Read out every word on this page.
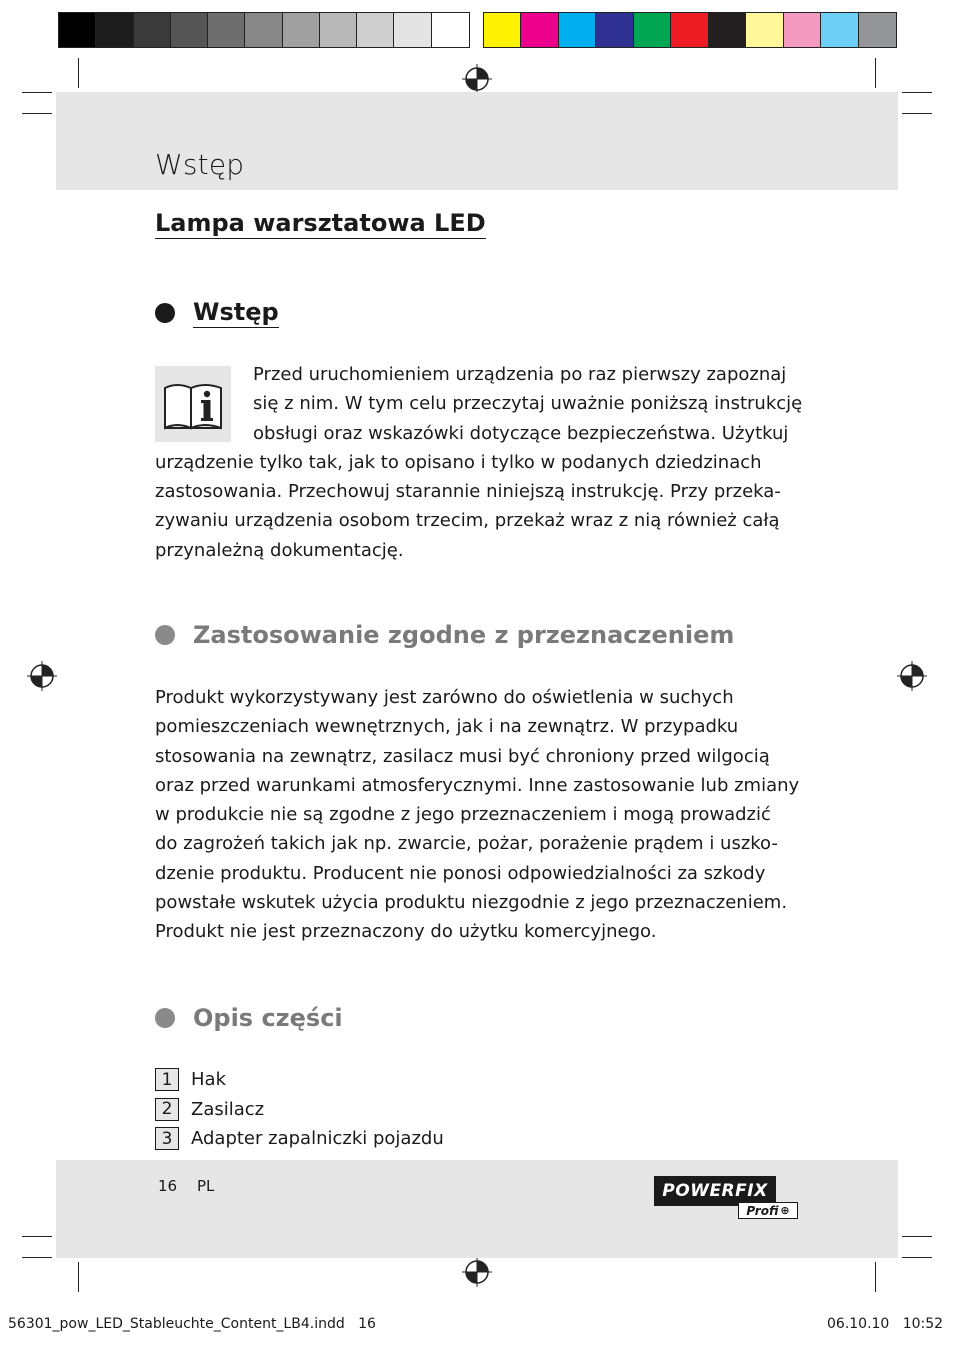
Wstęp
Lampa warsztatowa LED
Wstęp
Przed uruchomieniem urządzenia po raz pierwszy zapoznaj
się z nim. W tym celu przeczytaj uważnie poniższą instrukcję
obsługi oraz wskazówki dotyczące bezpieczeństwa. Użytkuj
urządzenie tylko tak, jak to opisano i tylko w podanych dziedzinach
zastosowania. Przechowuj starannie niniejszą instrukcję. Przy przeka-
zywaniu urządzenia osobom trzecim, przekaż wraz z nią również całą
przynależną dokumentację.
Zastosowanie zgodne z przeznaczeniem
Produkt wykorzystywany jest zarówno do oświetlenia w suchych
pomieszczeniach wewnętrznych, jak i na zewnątrz. W przypadku
stosowania na zewnątrz, zasilacz musi być chroniony przed wilgocią
oraz przed warunkami atmosferycznymi. Inne zastosowanie lub zmiany
w produkcie nie są zgodne z jego przeznaczeniem i mogą prowadzić
do zagrożeń takich jak np. zwarcie, pożar, porażenie prądem i uszko-
dzenie produktu. Producent nie ponosi odpowiedzialności za szkody
powstałe wskutek użycia produktu niezgodnie z jego przeznaczeniem.
Produkt nie jest przeznaczony do użytku komercyjnego.
Opis części
1	Hak
2	Zasilacz
3	Adapter zapalniczki pojazdu
16 PL	POWERFIX
Profi ⊕
56301_pow_LED_Stableuchte_Content_LB4.indd   16	06.10.10   10:52
